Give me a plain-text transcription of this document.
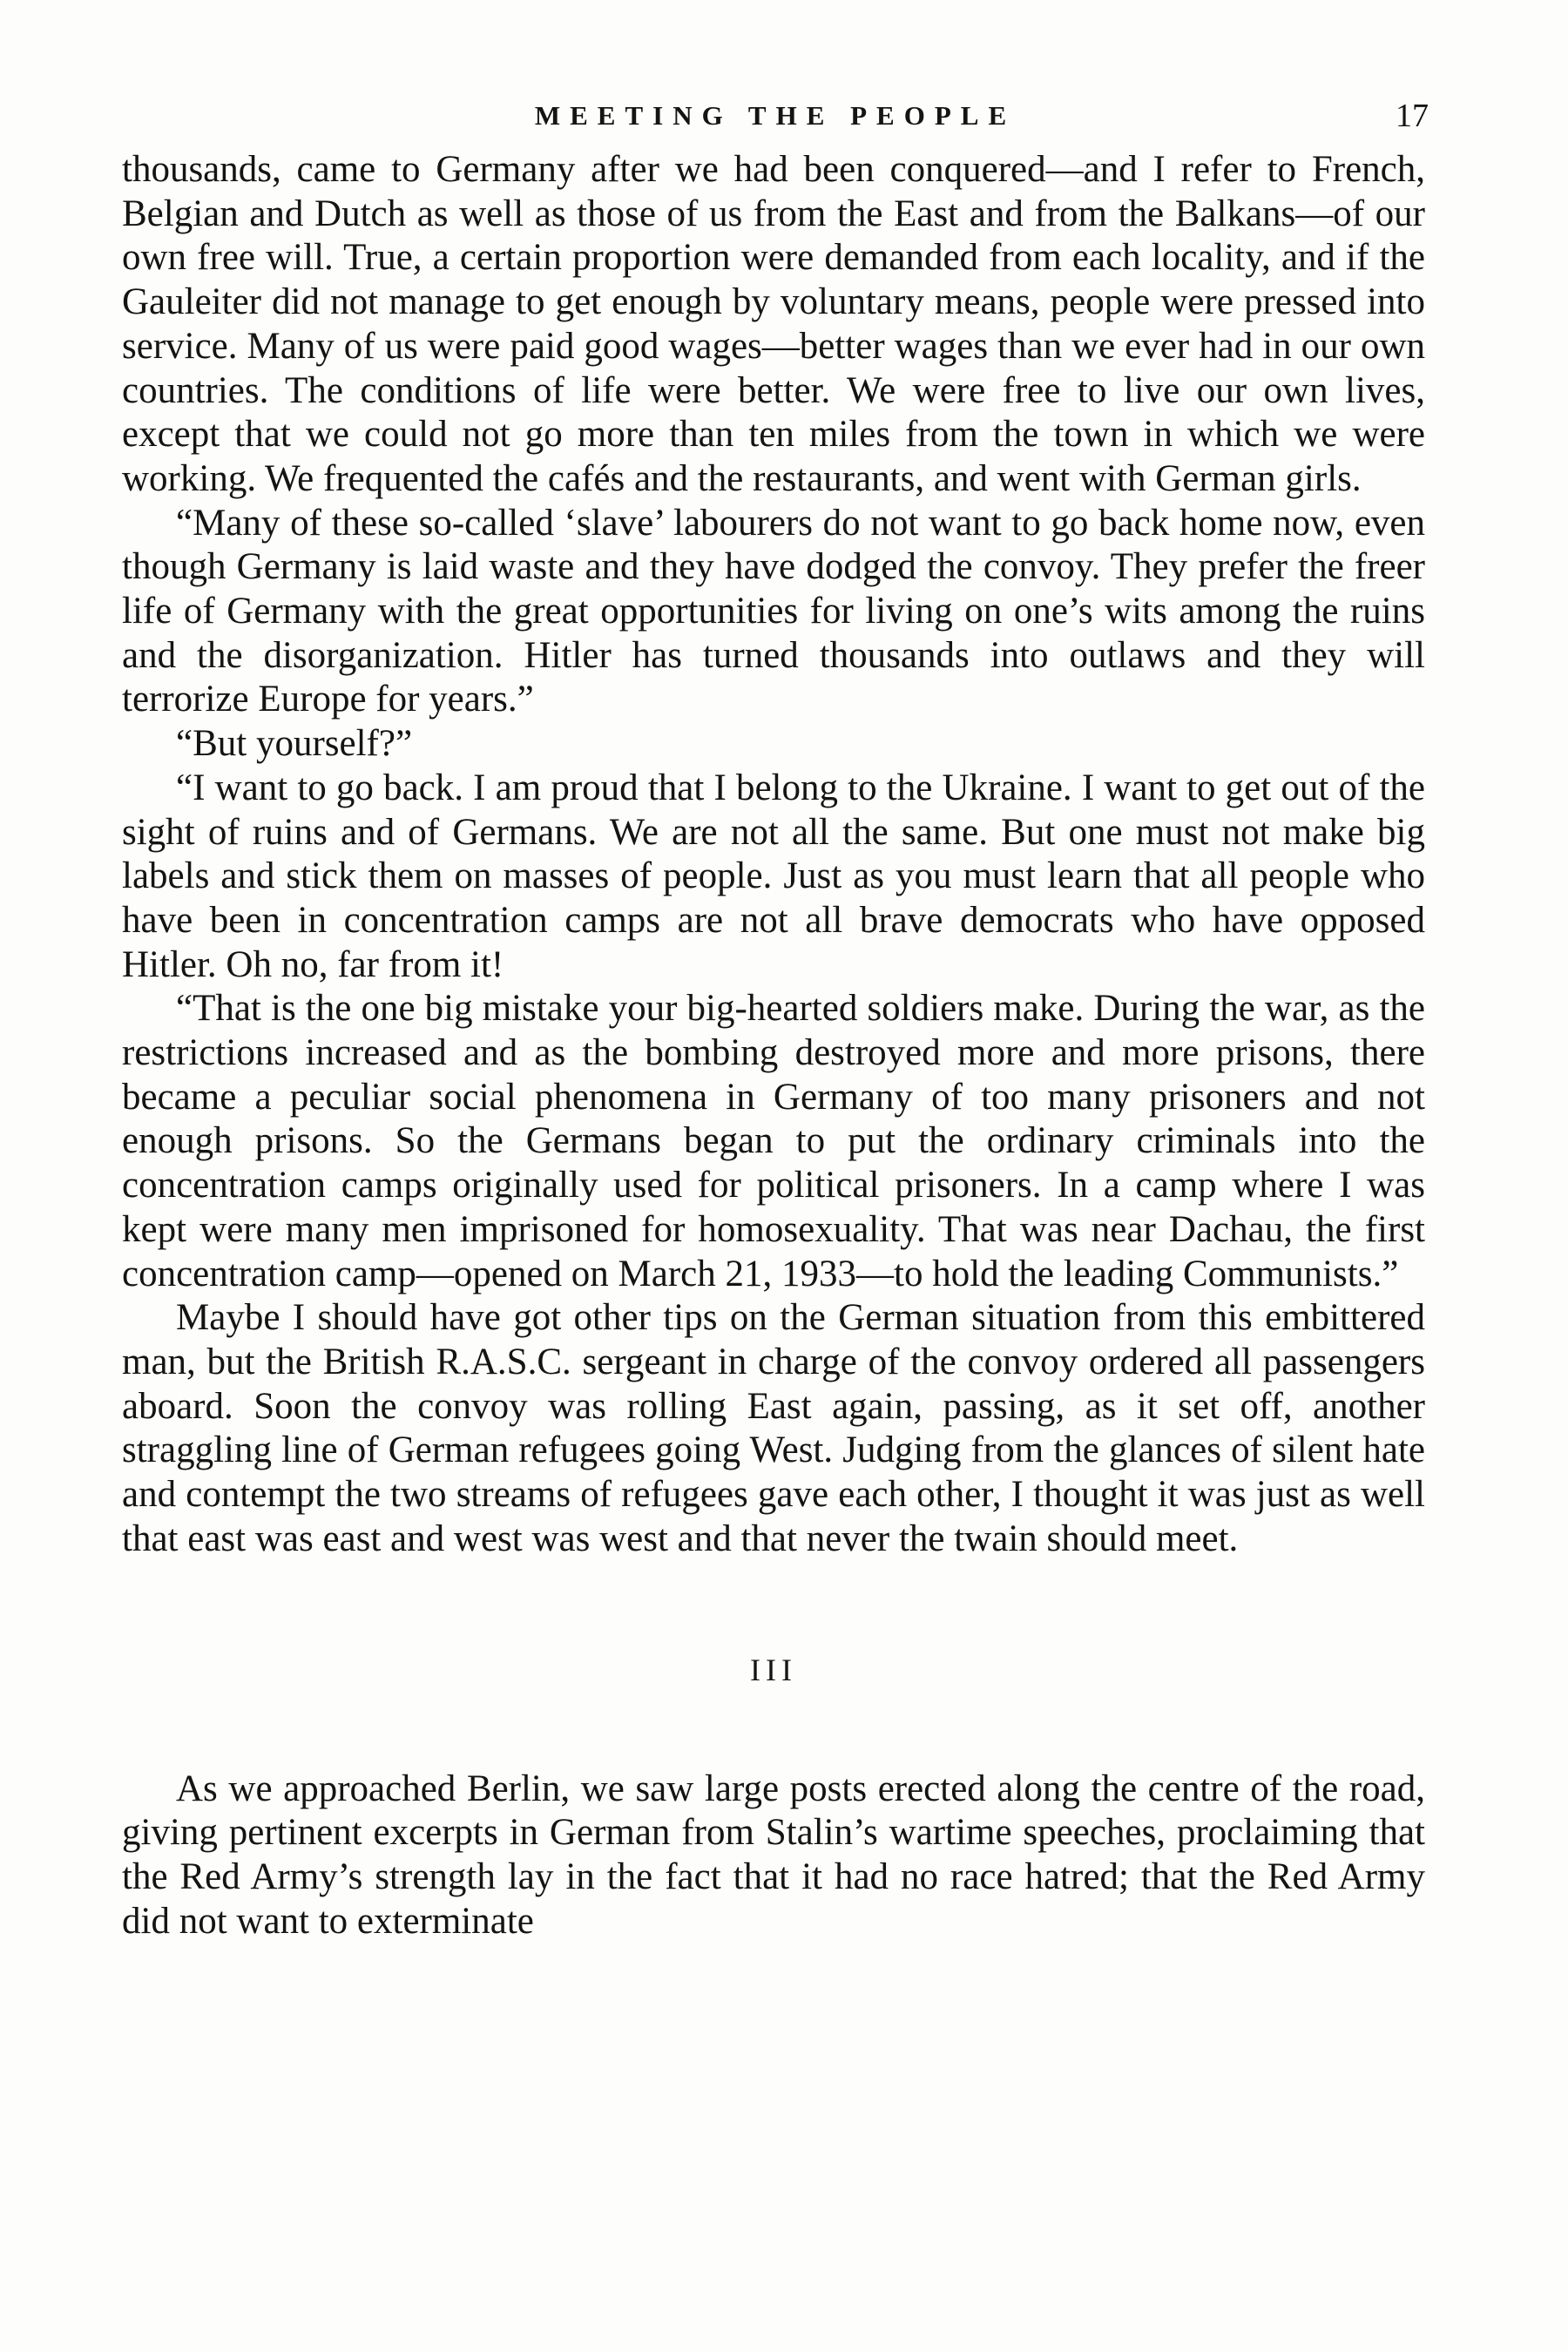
MEETING THE PEOPLE	17

thousands, came to Germany after we had been conquered—and I refer to French, Belgian and Dutch as well as those of us from the East and from the Balkans—of our own free will. True, a certain proportion were demanded from each locality, and if the Gauleiter did not manage to get enough by voluntary means, people were pressed into service. Many of us were paid good wages—better wages than we ever had in our own countries. The conditions of life were better. We were free to live our own lives, except that we could not go more than ten miles from the town in which we were working. We frequented the cafés and the restaurants, and went with German girls.

“Many of these so-called ‘slave’ labourers do not want to go back home now, even though Germany is laid waste and they have dodged the convoy. They prefer the freer life of Germany with the great opportunities for living on one’s wits among the ruins and the disorganization. Hitler has turned thousands into outlaws and they will terrorize Europe for years.”

“But yourself?”

“I want to go back. I am proud that I belong to the Ukraine. I want to get out of the sight of ruins and of Germans. We are not all the same. But one must not make big labels and stick them on masses of people. Just as you must learn that all people who have been in concentration camps are not all brave democrats who have opposed Hitler. Oh no, far from it!

“That is the one big mistake your big-hearted soldiers make. During the war, as the restrictions increased and as the bombing destroyed more and more prisons, there became a peculiar social phenomena in Germany of too many prisoners and not enough prisons. So the Germans began to put the ordinary criminals into the concentration camps originally used for political prisoners. In a camp where I was kept were many men imprisoned for homosexuality. That was near Dachau, the first concentration camp—opened on March 21, 1933—to hold the leading Communists.”

Maybe I should have got other tips on the German situation from this embittered man, but the British R.A.S.C. sergeant in charge of the convoy ordered all passengers aboard. Soon the convoy was rolling East again, passing, as it set off, another straggling line of German refugees going West. Judging from the glances of silent hate and contempt the two streams of refugees gave each other, I thought it was just as well that east was east and west was west and that never the twain should meet.

III

As we approached Berlin, we saw large posts erected along the centre of the road, giving pertinent excerpts in German from Stalin’s wartime speeches, proclaiming that the Red Army’s strength lay in the fact that it had no race hatred; that the Red Army did not want to exterminate
